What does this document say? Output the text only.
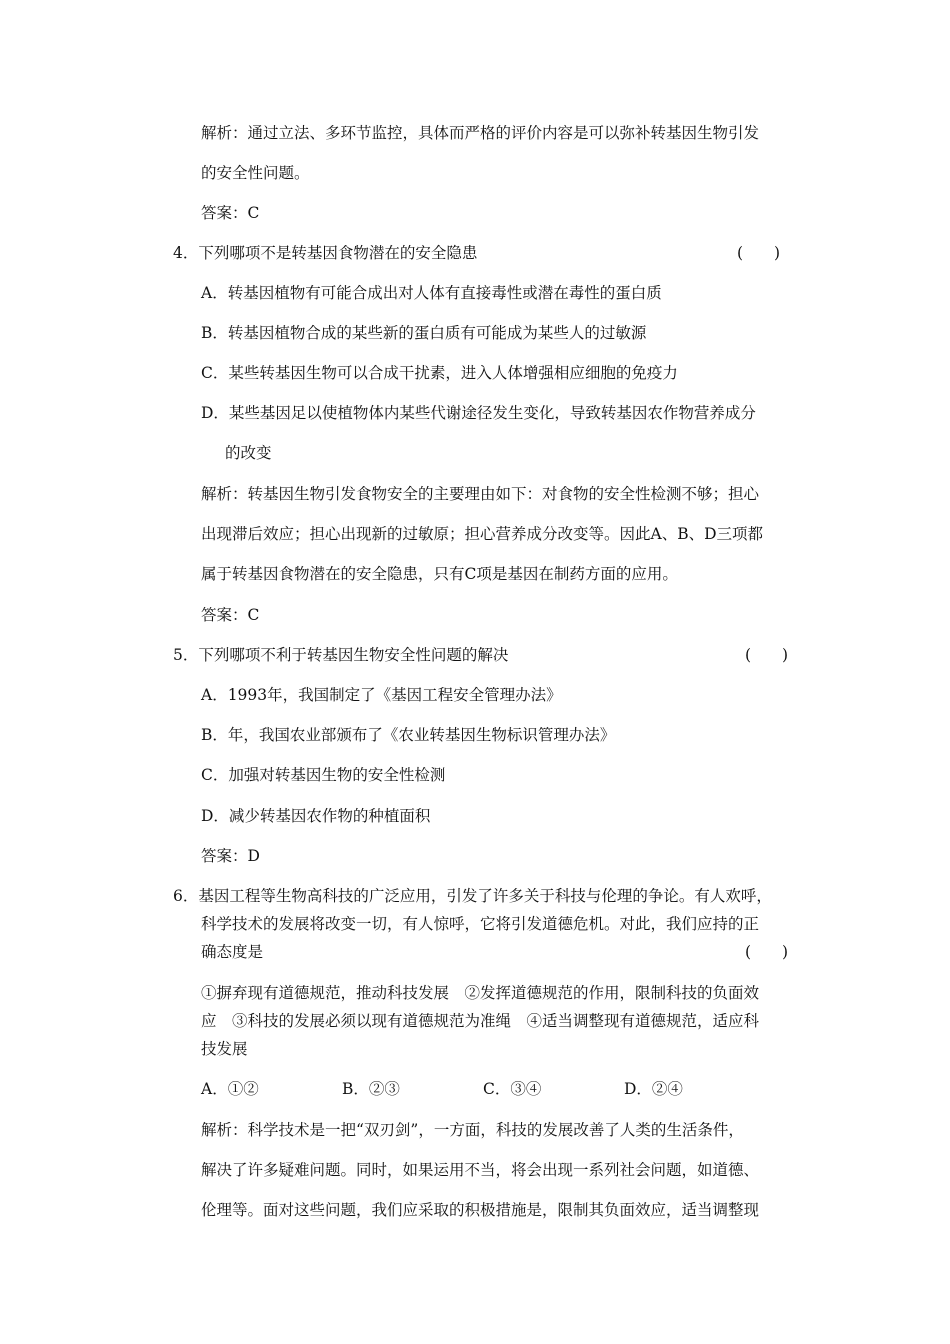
解析：通过立法、多环节监控，具体而严格的评价内容是可以弥补转基因生物引发
的安全性问题。
答案：C
4．下列哪项不是转基因食物潜在的安全隐患	(　　)
A．转基因植物有可能合成出对人体有直接毒性或潜在毒性的蛋白质
B．转基因植物合成的某些新的蛋白质有可能成为某些人的过敏源
C．某些转基因生物可以合成干扰素，进入人体增强相应细胞的免疫力
D．某些基因足以使植物体内某些代谢途径发生变化，导致转基因农作物营养成分
的改变
解析：转基因生物引发食物安全的主要理由如下：对食物的安全性检测不够；担心
出现滞后效应；担心出现新的过敏原；担心营养成分改变等。因此A、B、D三项都
属于转基因食物潜在的安全隐患，只有C项是基因在制药方面的应用。
答案：C
5．下列哪项不利于转基因生物安全性问题的解决	(　　)
A．1993年，我国制定了《基因工程安全管理办法》
B．年，我国农业部颁布了《农业转基因生物标识管理办法》
C．加强对转基因生物的安全性检测
D．减少转基因农作物的种植面积
答案：D
6．基因工程等生物高科技的广泛应用，引发了许多关于科技与伦理的争论。有人欢呼，
科学技术的发展将改变一切，有人惊呼，它将引发道德危机。对此，我们应持的正
确态度是	(　　)
①摒弃现有道德规范，推动科技发展　②发挥道德规范的作用，限制科技的负面效
应　③科技的发展必须以现有道德规范为准绳　④适当调整现有道德规范，适应科
技发展
A．①②	B．②③	C．③④	D．②④
解析：科学技术是一把“双刃剑”，一方面，科技的发展改善了人类的生活条件，
解决了许多疑难问题。同时，如果运用不当，将会出现一系列社会问题，如道德、
伦理等。面对这些问题，我们应采取的积极措施是，限制其负面效应，适当调整现
